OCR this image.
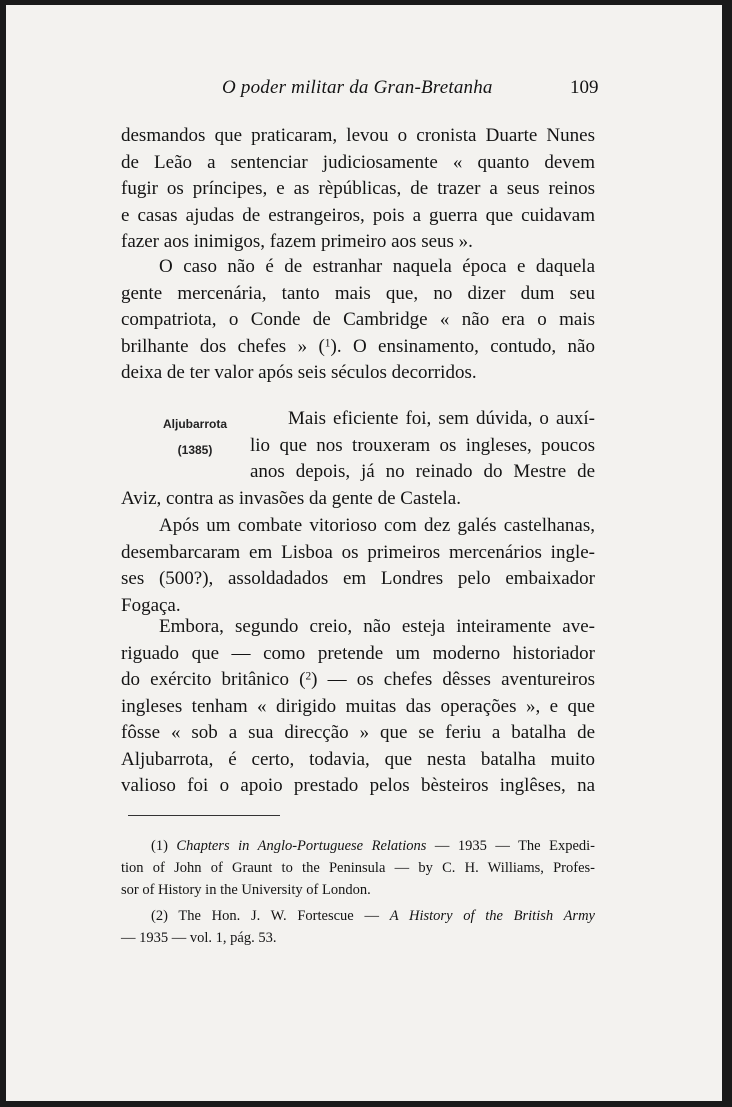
O poder militar da Gran-Bretanha	109
desmandos que praticaram, levou o cronista Duarte Nunes
de Leão a sentenciar judiciosamente « quanto devem
fugir os príncipes, e as rèpúblicas, de trazer a seus reinos
e casas ajudas de estrangeiros, pois a guerra que cuidavam
fazer aos inimigos, fazem primeiro aos seus ».
O caso não é de estranhar naquela época e daquela
gente mercenária, tanto mais que, no dizer dum seu
compatriota, o Conde de Cambridge « não era o mais
brilhante dos chefes » ($^1$). O ensinamento, contudo, não
deixa de ter valor após seis séculos decorridos.
Aljubarrota
(1385)
Mais eficiente foi, sem dúvida, o auxí-
lio que nos trouxeram os ingleses, poucos
anos depois, já no reinado do Mestre de
Aviz, contra as invasões da gente de Castela.
Após um combate vitorioso com dez galés castelhanas,
desembarcaram em Lisboa os primeiros mercenários ingle-
ses (500?), assoldadados em Londres pelo embaixador
Fogaça.
Embora, segundo creio, não esteja inteiramente ave-
riguado que — como pretende um moderno historiador
do exército britânico ($^2$) — os chefes dêsses aventureiros
ingleses tenham « dirigido muitas das operações », e que
fôsse « sob a sua direcção » que se feriu a batalha de
Aljubarrota, é certo, todavia, que nesta batalha muito
valioso foi o apoio prestado pelos bèsteiros inglêses, na
(1) Chapters in Anglo-Portuguese Relations — 1935 — The Expedi-
tion of John of Graunt to the Peninsula — by C. H. Williams, Profes-
sor of History in the University of London.
(2) The Hon. J. W. Fortescue — A History of the British Army
— 1935 — vol. 1, pág. 53.
